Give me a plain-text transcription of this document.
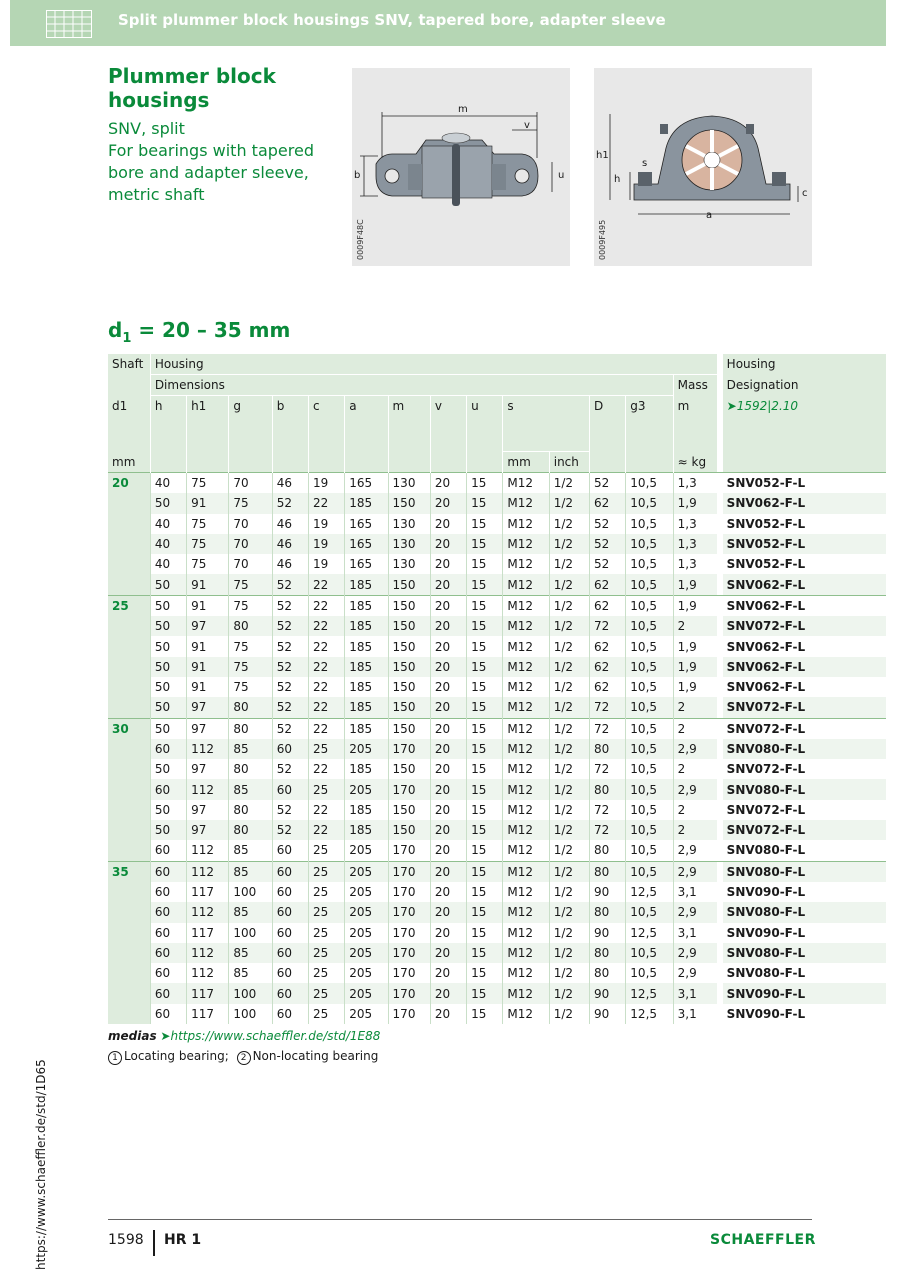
Split plummer block housings SNV, tapered bore, adapter sleeve
Plummer block housings
SNV, split
For bearings with tapered
bore and adapter sleeve,
metric shaft
0009F48C
m
v
b	u
0009F495
h1
s
h
a
c
$d_1 = 20 - 35$ mm
Shaft	Housing															Housing
	Dimensions													Mass		Designation
d1	h	h1	g	b	c	a	m	v	u	s		D	g3	m		➤1592|2.10
mm										mm	inch			≈ kg		
20	40	75	70	46	19	165	130	20	15	M12	1/2	52	10,5	1,3		SNV052-F-L
	50	91	75	52	22	185	150	20	15	M12	1/2	62	10,5	1,9		SNV062-F-L
	40	75	70	46	19	165	130	20	15	M12	1/2	52	10,5	1,3		SNV052-F-L
	40	75	70	46	19	165	130	20	15	M12	1/2	52	10,5	1,3		SNV052-F-L
	40	75	70	46	19	165	130	20	15	M12	1/2	52	10,5	1,3		SNV052-F-L
	50	91	75	52	22	185	150	20	15	M12	1/2	62	10,5	1,9		SNV062-F-L
25	50	91	75	52	22	185	150	20	15	M12	1/2	62	10,5	1,9		SNV062-F-L
	50	97	80	52	22	185	150	20	15	M12	1/2	72	10,5	2		SNV072-F-L
	50	91	75	52	22	185	150	20	15	M12	1/2	62	10,5	1,9		SNV062-F-L
	50	91	75	52	22	185	150	20	15	M12	1/2	62	10,5	1,9		SNV062-F-L
	50	91	75	52	22	185	150	20	15	M12	1/2	62	10,5	1,9		SNV062-F-L
	50	97	80	52	22	185	150	20	15	M12	1/2	72	10,5	2		SNV072-F-L
30	50	97	80	52	22	185	150	20	15	M12	1/2	72	10,5	2		SNV072-F-L
	60	112	85	60	25	205	170	20	15	M12	1/2	80	10,5	2,9		SNV080-F-L
	50	97	80	52	22	185	150	20	15	M12	1/2	72	10,5	2		SNV072-F-L
	60	112	85	60	25	205	170	20	15	M12	1/2	80	10,5	2,9		SNV080-F-L
	50	97	80	52	22	185	150	20	15	M12	1/2	72	10,5	2		SNV072-F-L
	50	97	80	52	22	185	150	20	15	M12	1/2	72	10,5	2		SNV072-F-L
	60	112	85	60	25	205	170	20	15	M12	1/2	80	10,5	2,9		SNV080-F-L
35	60	112	85	60	25	205	170	20	15	M12	1/2	80	10,5	2,9		SNV080-F-L
	60	117	100	60	25	205	170	20	15	M12	1/2	90	12,5	3,1		SNV090-F-L
	60	112	85	60	25	205	170	20	15	M12	1/2	80	10,5	2,9		SNV080-F-L
	60	117	100	60	25	205	170	20	15	M12	1/2	90	12,5	3,1		SNV090-F-L
	60	112	85	60	25	205	170	20	15	M12	1/2	80	10,5	2,9		SNV080-F-L
	60	112	85	60	25	205	170	20	15	M12	1/2	80	10,5	2,9		SNV080-F-L
	60	117	100	60	25	205	170	20	15	M12	1/2	90	12,5	3,1		SNV090-F-L
	60	117	100	60	25	205	170	20	15	M12	1/2	90	12,5	3,1		SNV090-F-L
medias ➤https://www.schaeffler.de/std/1E88
1 Locating bearing; 2 Non-locating bearing
https://www.schaeffler.de/std/1D65	1598 HR 1	SCHAEFFLER
